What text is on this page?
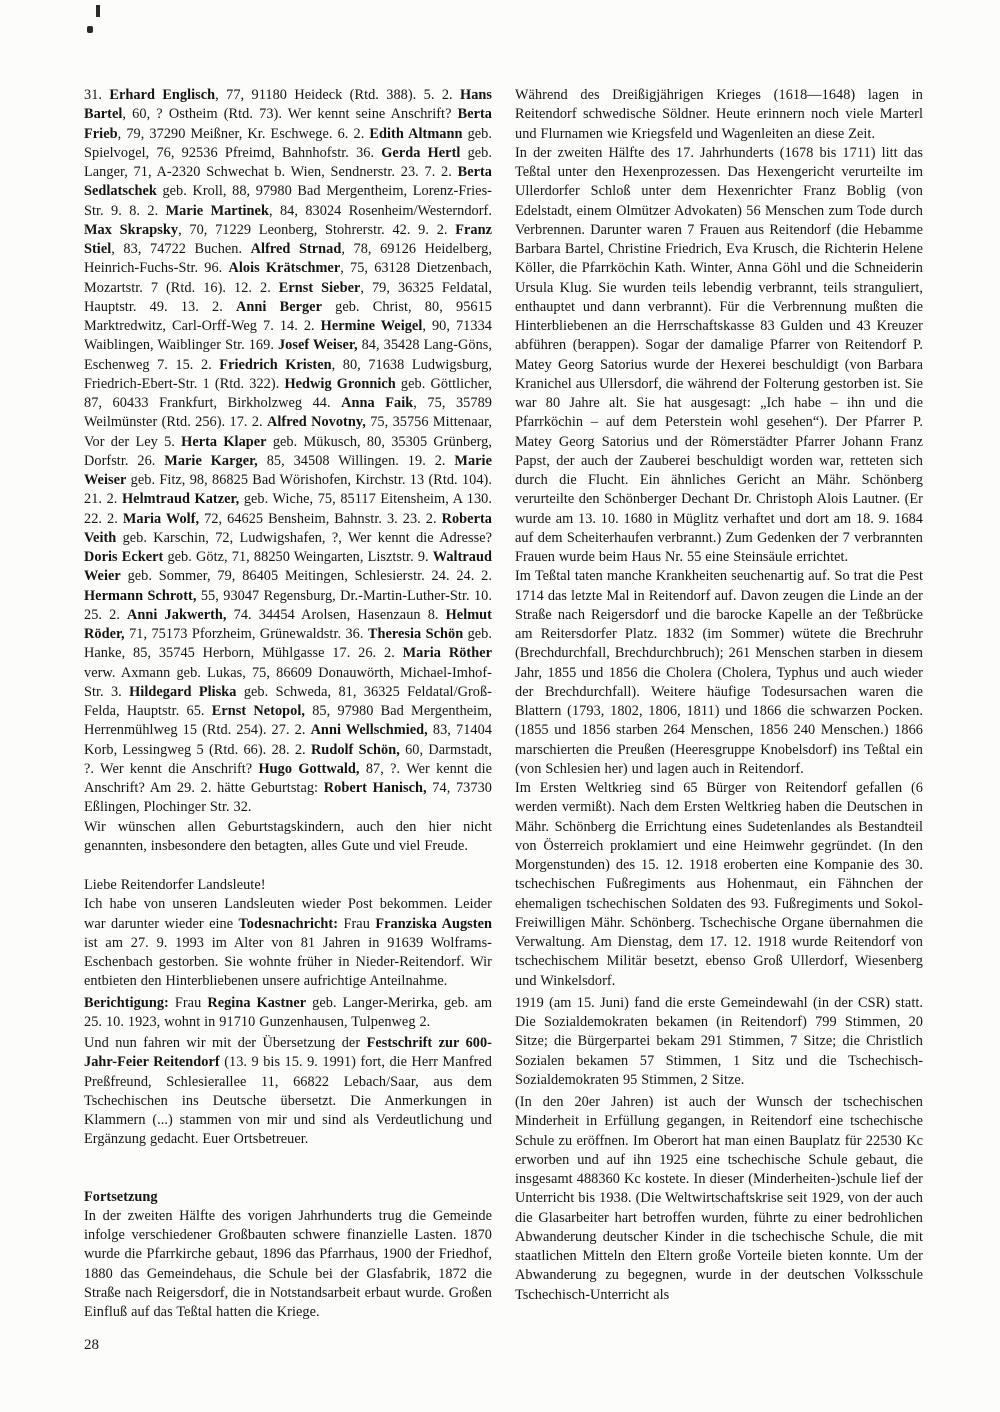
31. Erhard Englisch, 77, 91180 Heideck (Rtd. 388). 5. 2. Hans Bartel, 60, ? Ostheim (Rtd. 73). Wer kennt seine Anschrift? Berta Frieb, 79, 37290 Meißner, Kr. Eschwege. 6. 2. Edith Altmann geb. Spielvogel, 76, 92536 Pfreimd, Bahnhofstr. 36. Gerda Hertl geb. Langer, 71, A-2320 Schwechat b. Wien, Sendnerstr. 23. 7. 2. Berta Sedlatschek geb. Kroll, 88, 97980 Bad Mergentheim, Lorenz-Fries-Str. 9. 8. 2. Marie Martinek, 84, 83024 Rosenheim/Westerndorf. Max Skrapsky, 70, 71229 Leonberg, Stohrerstr. 42. 9. 2. Franz Stiel, 83, 74722 Buchen. Alfred Strnad, 78, 69126 Heidelberg, Heinrich-Fuchs-Str. 96. Alois Krätschmer, 75, 63128 Dietzenbach, Mozartstr. 7 (Rtd. 16). 12. 2. Ernst Sieber, 79, 36325 Feldatal, Hauptstr. 49. 13. 2. Anni Berger geb. Christ, 80, 95615 Marktredwitz, Carl-Orff-Weg 7. 14. 2. Hermine Weigel, 90, 71334 Waiblingen, Waiblinger Str. 169. Josef Weiser, 84, 35428 Lang-Göns, Eschenweg 7. 15. 2. Friedrich Kristen, 80, 71638 Ludwigsburg, Friedrich-Ebert-Str. 1 (Rtd. 322). Hedwig Gronnich geb. Göttlicher, 87, 60433 Frankfurt, Birkholzweg 44. Anna Faik, 75, 35789 Weilmünster (Rtd. 256). 17. 2. Alfred Novotny, 75, 35756 Mittenaar, Vor der Ley 5. Herta Klaper geb. Mükusch, 80, 35305 Grünberg, Dorfstr. 26. Marie Karger, 85, 34508 Willingen. 19. 2. Marie Weiser geb. Fitz, 98, 86825 Bad Wörishofen, Kirchstr. 13 (Rtd. 104). 21. 2. Helmtraud Katzer, geb. Wiche, 75, 85117 Eitensheim, A 130. 22. 2. Maria Wolf, 72, 64625 Bensheim, Bahnstr. 3. 23. 2. Roberta Veith geb. Karschin, 72, Ludwigshafen, ?, Wer kennt die Adresse? Doris Eckert geb. Götz, 71, 88250 Weingarten, Lisztstr. 9. Waltraud Weier geb. Sommer, 79, 86405 Meitingen, Schlesierstr. 24. 24. 2. Hermann Schrott, 55, 93047 Regensburg, Dr.-Martin-Luther-Str. 10. 25. 2. Anni Jakwerth, 74. 34454 Arolsen, Hasenzaun 8. Helmut Röder, 71, 75173 Pforzheim, Grünewaldstr. 36. Theresia Schön geb. Hanke, 85, 35745 Herborn, Mühlgasse 17. 26. 2. Maria Röther verw. Axmann geb. Lukas, 75, 86609 Donauwörth, Michael-Imhof-Str. 3. Hildegard Pliska geb. Schweda, 81, 36325 Feldatal/Groß-Felda, Hauptstr. 65. Ernst Netopol, 85, 97980 Bad Mergentheim, Herrenmühlweg 15 (Rtd. 254). 27. 2. Anni Wellschmied, 83, 71404 Korb, Lessingweg 5 (Rtd. 66). 28. 2. Rudolf Schön, 60, Darmstadt, ?. Wer kennt die Anschrift? Hugo Gottwald, 87, ?. Wer kennt die Anschrift? Am 29. 2. hätte Geburtstag: Robert Hanisch, 74, 73730 Eßlingen, Plochinger Str. 32.
Wir wünschen allen Geburtstagskindern, auch den hier nicht genannten, insbesondere den betagten, alles Gute und viel Freude.
Liebe Reitendorfer Landsleute!
Ich habe von unseren Landsleuten wieder Post bekommen. Leider war darunter wieder eine Todesnachricht: Frau Franziska Augsten ist am 27. 9. 1993 im Alter von 81 Jahren in 91639 Wolframs-Eschenbach gestorben. Sie wohnte früher in Nieder-Reitendorf. Wir entbieten den Hinterbliebenen unsere aufrichtige Anteilnahme.
Berichtigung: Frau Regina Kastner geb. Langer-Merirka, geb. am 25. 10. 1923, wohnt in 91710 Gunzenhausen, Tulpenweg 2.
Und nun fahren wir mit der Übersetzung der Festschrift zur 600-Jahr-Feier Reitendorf (13. 9 bis 15. 9. 1991) fort, die Herr Manfred Preßfreund, Schlesierallee 11, 66822 Lebach/Saar, aus dem Tschechischen ins Deutsche übersetzt. Die Anmerkungen in Klammern (...) stammen von mir und sind als Verdeutlichung und Ergänzung gedacht. Euer Ortsbetreuer.
Fortsetzung
In der zweiten Hälfte des vorigen Jahrhunderts trug die Gemeinde infolge verschiedener Großbauten schwere finanzielle Lasten. 1870 wurde die Pfarrkirche gebaut, 1896 das Pfarrhaus, 1900 der Friedhof, 1880 das Gemeindehaus, die Schule bei der Glasfabrik, 1872 die Straße nach Reigersdorf, die in Notstandsarbeit erbaut wurde. Großen Einfluß auf das Teßtal hatten die Kriege.
Während des Dreißigjährigen Krieges (1618—1648) lagen in Reitendorf schwedische Söldner. Heute erinnern noch viele Marterl und Flurnamen wie Kriegsfeld und Wagenleiten an diese Zeit.
In der zweiten Hälfte des 17. Jahrhunderts (1678 bis 1711) litt das Teßtal unter den Hexenprozessen. Das Hexengericht verurteilte im Ullerdorfer Schloß unter dem Hexenrichter Franz Boblig (von Edelstadt, einem Olmützer Advokaten) 56 Menschen zum Tode durch Verbrennen. Darunter waren 7 Frauen aus Reitendorf (die Hebamme Barbara Bartel, Christine Friedrich, Eva Krusch, die Richterin Helene Köller, die Pfarrköchin Kath. Winter, Anna Göhl und die Schneiderin Ursula Klug. Sie wurden teils lebendig verbrannt, teils stranguliert, enthauptet und dann verbrannt). Für die Verbrennung mußten die Hinterbliebenen an die Herrschaftskasse 83 Gulden und 43 Kreuzer abführen (berappen). Sogar der damalige Pfarrer von Reitendorf P. Matey Georg Satorius wurde der Hexerei beschuldigt (von Barbara Kranichel aus Ullersdorf, die während der Folterung gestorben ist. Sie war 80 Jahre alt. Sie hat ausgesagt: „Ich habe – ihn und die Pfarrköchin – auf dem Peterstein wohl gesehen“). Der Pfarrer P. Matey Georg Satorius und der Römerstädter Pfarrer Johann Franz Papst, der auch der Zauberei beschuldigt worden war, retteten sich durch die Flucht. Ein ähnliches Gericht an Mähr. Schönberg verurteilte den Schönberger Dechant Dr. Christoph Alois Lautner. (Er wurde am 13. 10. 1680 in Müglitz verhaftet und dort am 18. 9. 1684 auf dem Scheiterhaufen verbrannt.) Zum Gedenken der 7 verbrannten Frauen wurde beim Haus Nr. 55 eine Steinsäule errichtet.
Im Teßtal taten manche Krankheiten seuchenartig auf. So trat die Pest 1714 das letzte Mal in Reitendorf auf. Davon zeugen die Linde an der Straße nach Reigersdorf und die barocke Kapelle an der Teßbrücke am Reitersdorfer Platz. 1832 (im Sommer) wütete die Brechruhr (Brechdurchfall, Brechdurchbruch); 261 Menschen starben in diesem Jahr, 1855 und 1856 die Cholera (Cholera, Typhus und auch wieder der Brechdurchfall). Weitere häufige Todesursachen waren die Blattern (1793, 1802, 1806, 1811) und 1866 die schwarzen Pocken. (1855 und 1856 starben 264 Menschen, 1856 240 Menschen.) 1866 marschierten die Preußen (Heeresgruppe Knobelsdorf) ins Teßtal ein (von Schlesien her) und lagen auch in Reitendorf.
Im Ersten Weltkrieg sind 65 Bürger von Reitendorf gefallen (6 werden vermißt). Nach dem Ersten Weltkrieg haben die Deutschen in Mähr. Schönberg die Errichtung eines Sudetenlandes als Bestandteil von Österreich proklamiert und eine Heimwehr gegründet. (In den Morgenstunden) des 15. 12. 1918 eroberten eine Kompanie des 30. tschechischen Fußregiments aus Hohenmaut, ein Fähnchen der ehemaligen tschechischen Soldaten des 93. Fußregiments und Sokol-Freiwilligen Mähr. Schönberg. Tschechische Organe übernahmen die Verwaltung. Am Dienstag, dem 17. 12. 1918 wurde Reitendorf von tschechischem Militär besetzt, ebenso Groß Ullerdorf, Wiesenberg und Winkelsdorf.
1919 (am 15. Juni) fand die erste Gemeindewahl (in der CSR) statt. Die Sozialdemokraten bekamen (in Reitendorf) 799 Stimmen, 20 Sitze; die Bürgerpartei bekam 291 Stimmen, 7 Sitze; die Christlich Sozialen bekamen 57 Stimmen, 1 Sitz und die Tschechisch-Sozialdemokraten 95 Stimmen, 2 Sitze.
(In den 20er Jahren) ist auch der Wunsch der tschechischen Minderheit in Erfüllung gegangen, in Reitendorf eine tschechische Schule zu eröffnen. Im Oberort hat man einen Bauplatz für 22530 Kc erworben und auf ihn 1925 eine tschechische Schule gebaut, die insgesamt 488360 Kc kostete. In dieser (Minderheiten-)schule lief der Unterricht bis 1938. (Die Weltwirtschaftskrise seit 1929, von der auch die Glasarbeiter hart betroffen wurden, führte zu einer bedrohlichen Abwanderung deutscher Kinder in die tschechische Schule, die mit staatlichen Mitteln den Eltern große Vorteile bieten konnte. Um der Abwanderung zu begegnen, wurde in der deutschen Volksschule Tschechisch-Unterricht als
28
